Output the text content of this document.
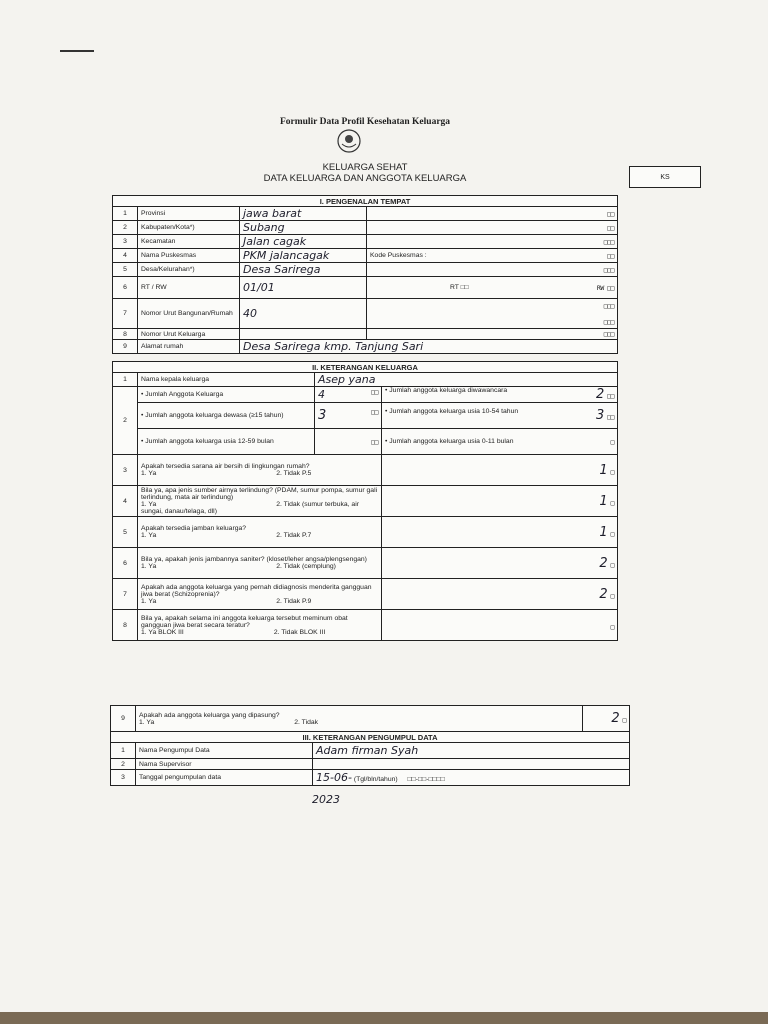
Formulir Data Profil Kesehatan Keluarga
KELUARGA SEHAT
DATA KELUARGA DAN ANGGOTA KELUARGA	KS
I. PENGENALAN TEMPAT			
1	Provinsi	jawa barat	□□

2	Kabupaten/Kota*)	Subang	□□

3	Kecamatan	Jalan cagak	□□□

4	Nama Puskesmas	PKM jalancagak	Kode Puskesmas : □□

5	Desa/Kelurahan*)	Desa Sarirega	□□□

6	RT / RW	01/01	RT □□ RW □□

7	Nomor Urut Bangunan/Rumah	40	□□□

□□□

8	Nomor Urut Keluarga		□□□

9	Alamat rumah	Desa Sarirega kmp. Tanjung Sari	
II. KETERANGAN KELUARGA			
1	Nama kepala keluarga	Asep yana	
2	• Jumlah Anggota Keluarga	4 □□	• Jumlah anggota keluarga diwawancara 2 □□

	• Jumlah anggota keluarga dewasa (≥15 tahun)	3 □□	• Jumlah anggota keluarga usia 10-54 tahun 3 □□

	• Jumlah anggota keluarga usia 12-59 bulan	□□	• Jumlah anggota keluarga usia 0-11 bulan □

3	Apakah tersedia sarana air bersih di lingkungan rumah?
1. Ya 2. Tidak P.5		1 □

4	Bila ya, apa jenis sumber airnya terlindung? (PDAM, sumur pompa, sumur gali terlindung, mata air terlindung)
1. Ya 2. Tidak (sumur terbuka, air sungai, danau/telaga, dll)		1 □

5	Apakah tersedia jamban keluarga?
1. Ya 2. Tidak P.7		1 □

6	Bila ya, apakah jenis jambannya saniter? (kloset/leher angsa/plengsengan)
1. Ya 2. Tidak (cemplung)		2 □

7	Apakah ada anggota keluarga yang pernah didiagnosis menderita gangguan jiwa berat (Schizoprenia)?
1. Ya 2. Tidak P.9		2 □

8	Bila ya, apakah selama ini anggota keluarga tersebut meminum obat gangguan jiwa berat secara teratur?
1. Ya BLOK III 2. Tidak BLOK III		□
9	Apakah ada anggota keluarga yang dipasung?
1. Ya 2. Tidak		2 □

III. KETERANGAN PENGUMPUL DATA			
1	Nama Pengumpul Data	Adam firman Syah	
2	Nama Supervisor		
3	Tanggal pengumpulan data	15-06- (Tgl/bln/tahun) □□-□□-□□□□	
2023
